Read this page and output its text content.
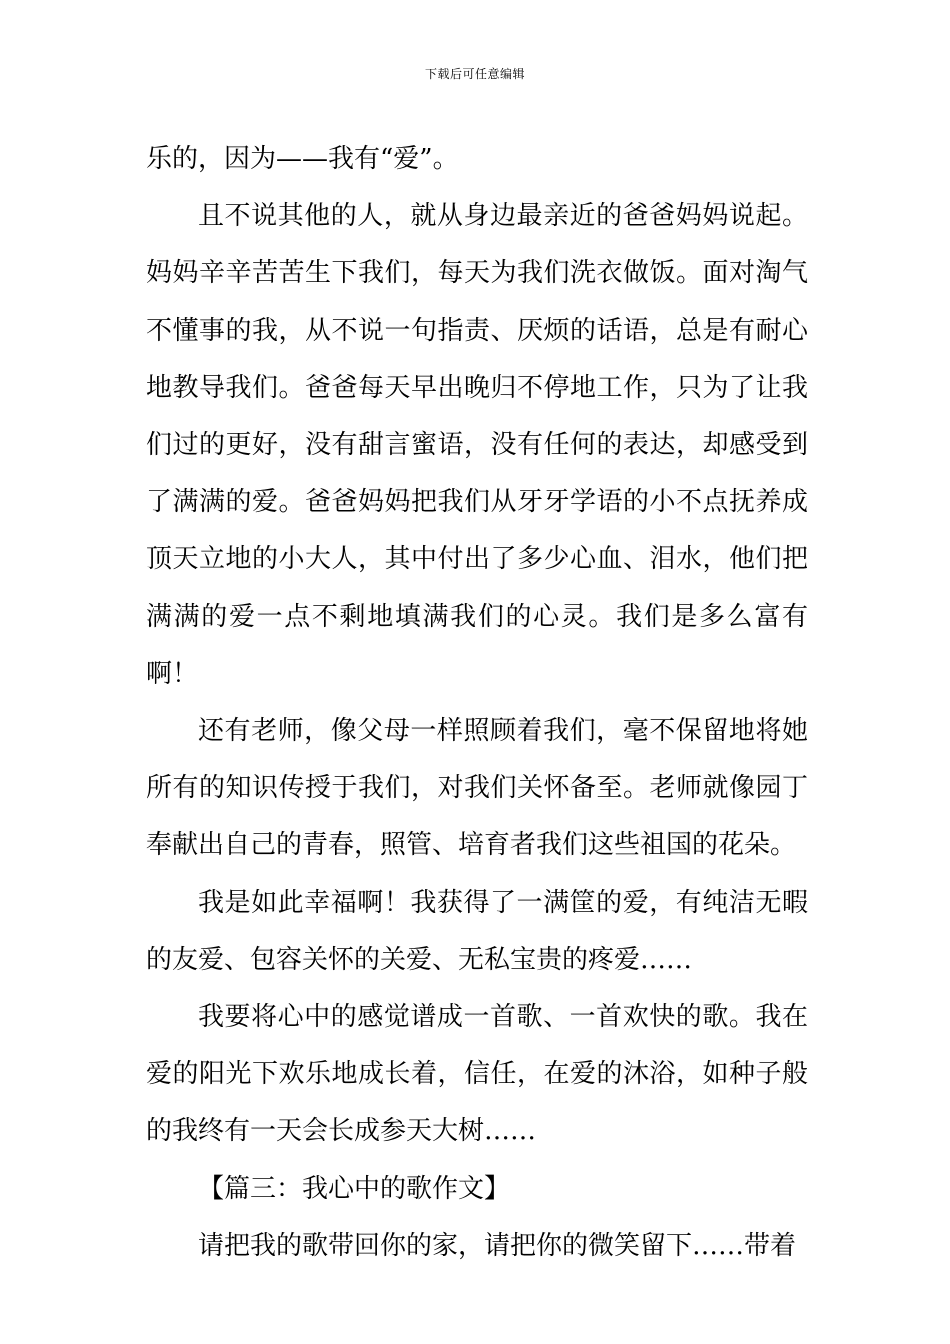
下载后可任意编辑

乐的，因为——我有“爱”。

且不说其他的人，就从身边最亲近的爸爸妈妈说起。妈妈辛辛苦苦生下我们，每天为我们洗衣做饭。面对淘气不懂事的我，从不说一句指责、厌烦的话语，总是有耐心地教导我们。爸爸每天早出晚归不停地工作，只为了让我们过的更好，没有甜言蜜语，没有任何的表达，却感受到了满满的爱。爸爸妈妈把我们从牙牙学语的小不点抚养成顶天立地的小大人，其中付出了多少心血、泪水，他们把满满的爱一点不剩地填满我们的心灵。我们是多么富有啊！

还有老师，像父母一样照顾着我们，毫不保留地将她所有的知识传授于我们，对我们关怀备至。老师就像园丁奉献出自己的青春，照管、培育者我们这些祖国的花朵。

我是如此幸福啊！我获得了一满筐的爱，有纯洁无暇的友爱、包容关怀的关爱、无私宝贵的疼爱……

我要将心中的感觉谱成一首歌、一首欢快的歌。我在爱的阳光下欢乐地成长着，信任，在爱的沐浴，如种子般的我终有一天会长成参天大树……

【篇三：我心中的歌作文】

请把我的歌带回你的家，请把你的微笑留下……带着
